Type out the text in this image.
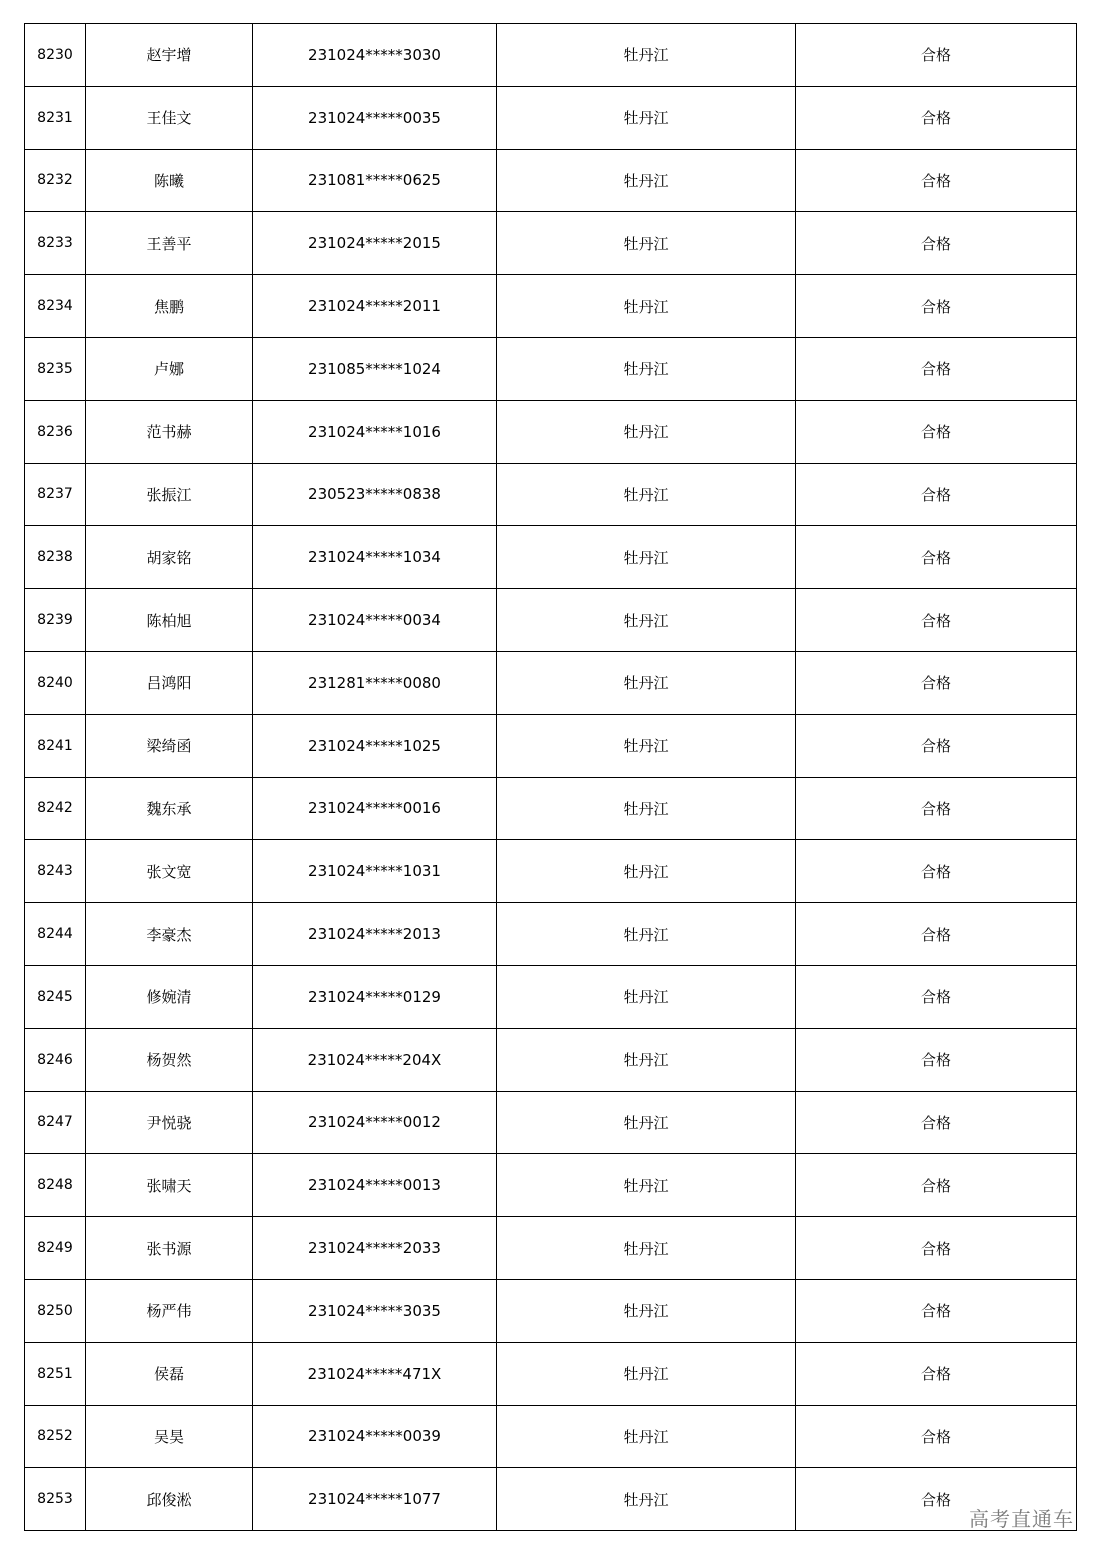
8230	赵宇增	231024*****3030	牡丹江	合格
8231	王佳文	231024*****0035	牡丹江	合格
8232	陈曦	231081*****0625	牡丹江	合格
8233	王善平	231024*****2015	牡丹江	合格
8234	焦鹏	231024*****2011	牡丹江	合格
8235	卢娜	231085*****1024	牡丹江	合格
8236	范书赫	231024*****1016	牡丹江	合格
8237	张振江	230523*****0838	牡丹江	合格
8238	胡家铭	231024*****1034	牡丹江	合格
8239	陈柏旭	231024*****0034	牡丹江	合格
8240	吕鸿阳	231281*****0080	牡丹江	合格
8241	梁绮函	231024*****1025	牡丹江	合格
8242	魏东承	231024*****0016	牡丹江	合格
8243	张文宽	231024*****1031	牡丹江	合格
8244	李豪杰	231024*****2013	牡丹江	合格
8245	修婉清	231024*****0129	牡丹江	合格
8246	杨贺然	231024*****204X	牡丹江	合格
8247	尹悦骁	231024*****0012	牡丹江	合格
8248	张啸天	231024*****0013	牡丹江	合格
8249	张书源	231024*****2033	牡丹江	合格
8250	杨严伟	231024*****3035	牡丹江	合格
8251	侯磊	231024*****471X	牡丹江	合格
8252	吴昊	231024*****0039	牡丹江	合格
8253	邱俊淞	231024*****1077	牡丹江	合格
高考直通车
